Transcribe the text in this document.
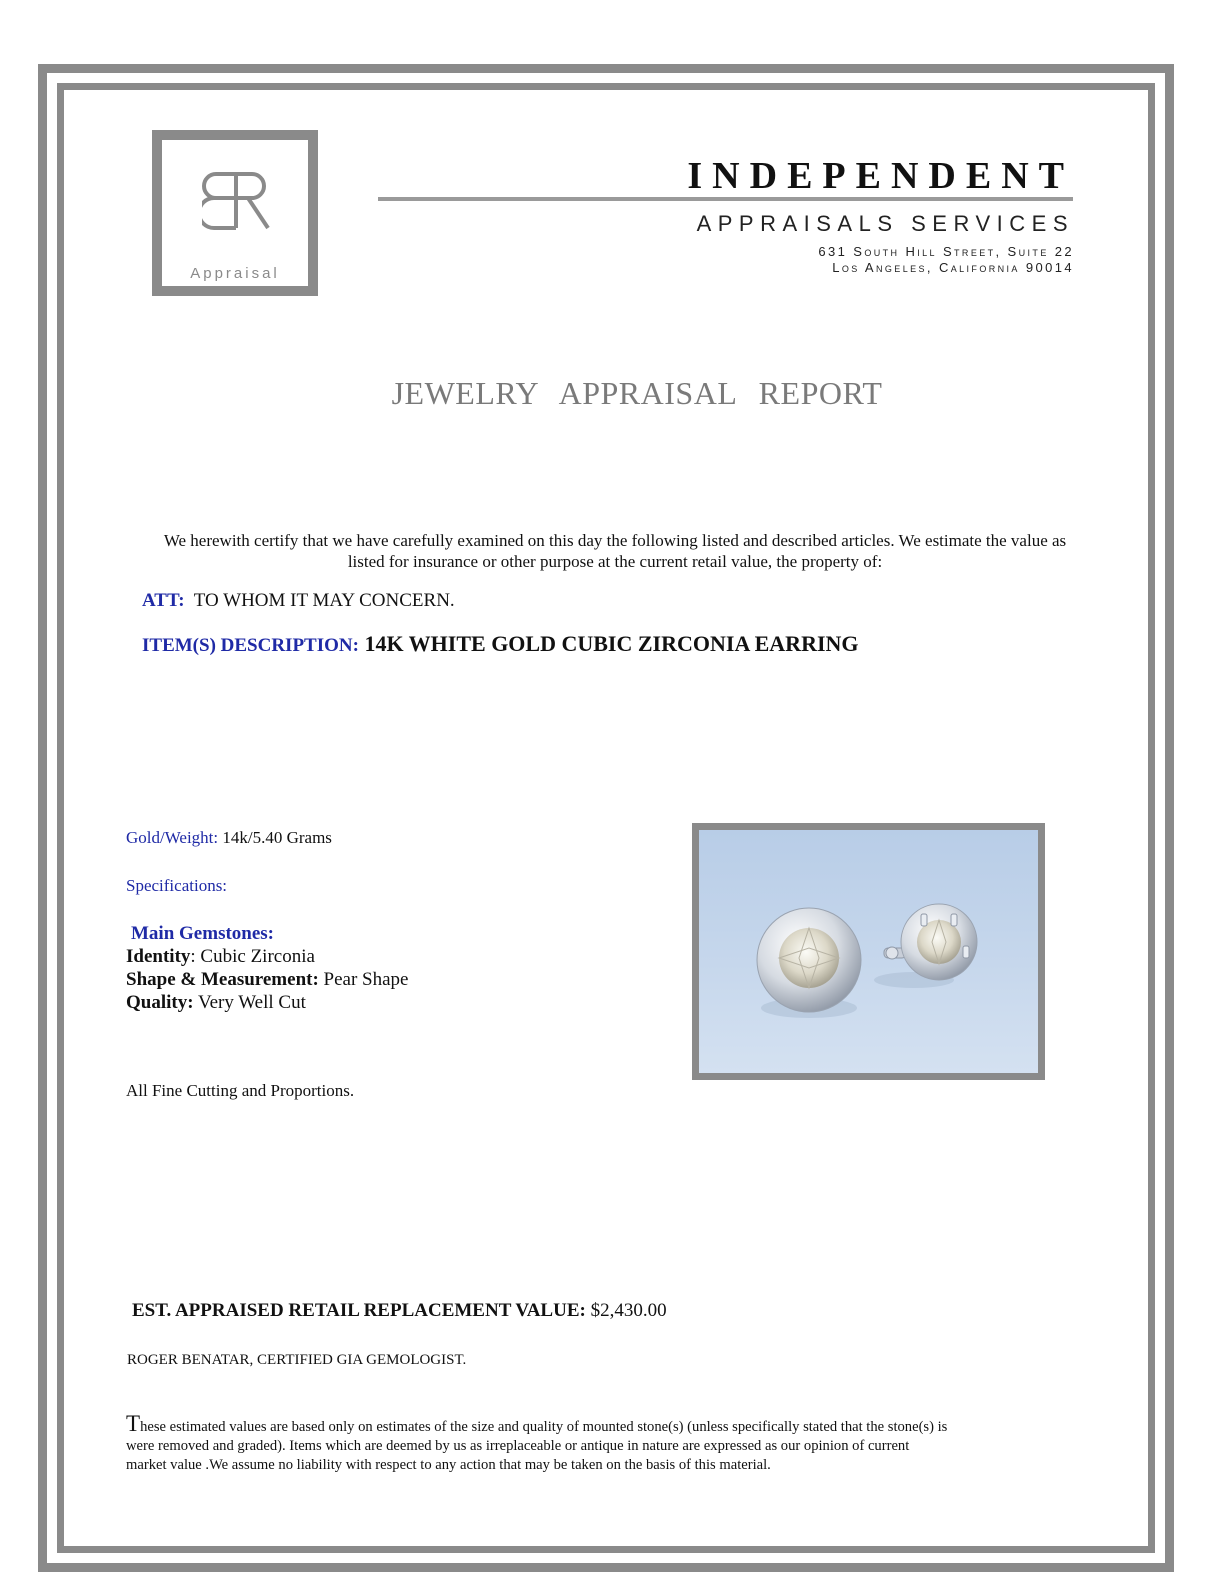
Appraisal
INDEPENDENT
APPRAISALS SERVICES
631 South Hill Street, Suite 22
Los Angeles, California 90014
JEWELRY APPRAISAL REPORT
We herewith certify that we have carefully examined on this day the following listed and described articles. We estimate the value as
listed for insurance or other purpose at the current retail value, the property of:
ATT: TO WHOM IT MAY CONCERN.
ITEM(S) DESCRIPTION: 14K WHITE GOLD CUBIC ZIRCONIA EARRING
Gold/Weight: 14k/5.40 Grams
Specifications:
Main Gemstones:
Identity: Cubic Zirconia
Shape & Measurement: Pear Shape
Quality: Very Well Cut
All Fine Cutting and Proportions.
EST. APPRAISED RETAIL REPLACEMENT VALUE: $2,430.00
ROGER BENATAR, CERTIFIED GIA GEMOLOGIST.
These estimated values are based only on estimates of the size and quality of mounted stone(s) (unless specifically stated that the stone(s) is
were removed and graded). Items which are deemed by us as irreplaceable or antique in nature are expressed as our opinion of current
market value .We assume no liability with respect to any action that may be taken on the basis of this material.
